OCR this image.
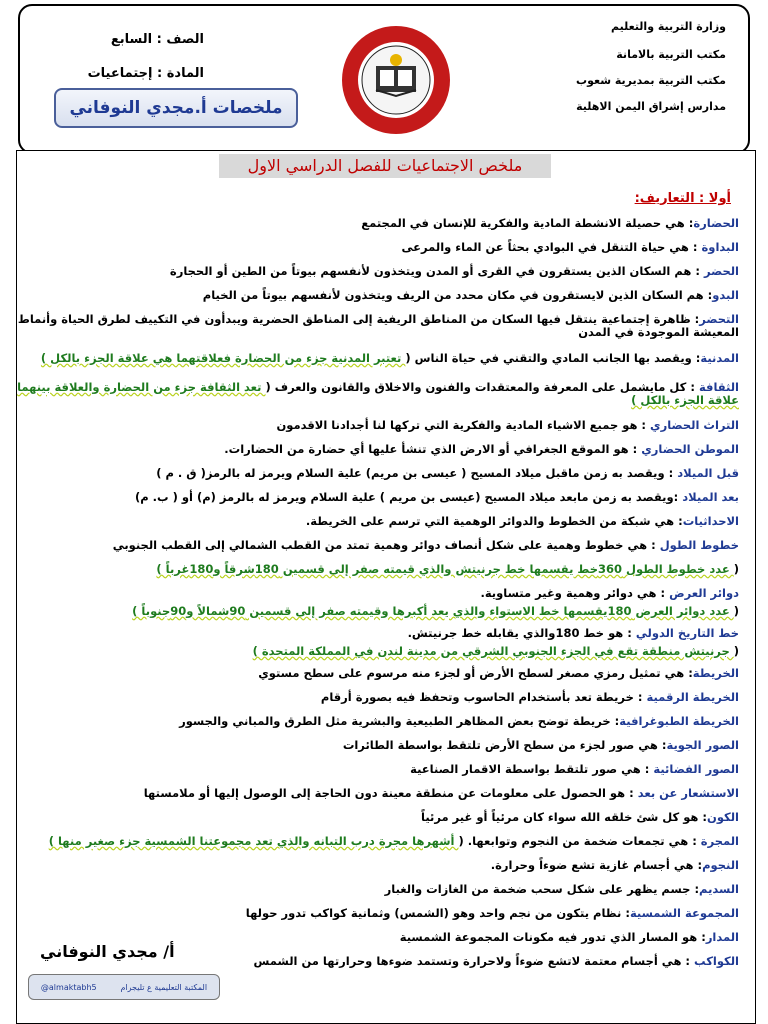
وزارة التربية والتعليم
مكتب التربية بالامانة
مكتب التربية بمديرية شعوب
مدارس إشراق اليمن الاهلية
الصف : السابع
المادة : إجتماعيات
ملخصات أ.مجدي النوفاني
ملخص الاجتماعيات للفصل الدراسي الاول
أولا : التعاريف:
الحضارة: هي حصيلة الانشطة المادية والفكرية للإنسان في المجتمع
البداوة : هي حياة التنقل في البوادي بحثاً عن الماء والمرعى
الحضر : هم السكان الذين يستقرون في القرى أو المدن ويتخذون لأنفسهم بيوتاً من الطين أو الحجارة
البدو: هم السكان الذين لايستقرون في مكان محدد من الريف ويتخذون لأنفسهم بيوتاً من الخيام
التحضر: ظاهرة إجتماعية ينتقل فيها السكان من المناطق الريفية إلى المناطق الحضرية ويبدأون في التكييف لطرق الحياة وأنماط المعيشة الموجودة في المدن
المدنية: ويقصد بها الجانب المادي والتقني في حياة الناس ( تعتبر المدنية جزء من الحضارة فعلاقتهما هي علاقة الجزء بالكل )
الثقافة : كل مايشمل على المعرفة والمعتقدات والفنون والاخلاق والقانون والعرف ( تعد الثقافة جزء من الحضارة والعلاقة بينهما علاقة الجزء بالكل )
التراث الحضاري : هو جميع الاشياء المادية والفكرية التي تركها لنا أجدادنا الاقدمون
الموطن الحضاري : هو الموقع الجغرافي أو الارض الذي تنشأ عليها أي حضارة من الحضارات.
قبل الميلاد : ويقصد به زمن ماقبل ميلاد المسيح ( عيسى بن مريم) علية السلام ويرمز له بالرمز( ق . م )
بعد الميلاد :ويقصد به زمن مابعد ميلاد المسيح (عيسى بن مريم ) علية السلام ويرمز له بالرمز (م) أو ( ب. م)
الاحداثيات: هي شبكة من الخطوط والدوائر الوهمية التي ترسم على الخريطة.
خطوط الطول : هي خطوط وهمية على شكل أنصاف دوائر وهمية تمتد من القطب الشمالي إلى القطب الجنوبي
( عدد خطوط الطول 360خط يقسمها خط جرنيتش والذي قيمته صفر إلى قسمين 180شرقاً و180غرباً )
دوائر العرض : هي دوائر وهمية وغير متساوية.
( عدد دوائر العرض 180يقسمها خط الاستواء والذي يعد أكبرها وقيمته صفر إلى قسمين 90شمالاً و90جنوباً )
خط التاريخ الدولي : هو خط 180والذي يقابله خط جرنيتش.
( جرنيتش منطقة تقع في الجزء الجنوبي الشرقي من مدينة لندن في المملكة المتحدة )
الخريطة: هي تمثيل رمزي مصغر لسطح الأرض أو لجزء منه مرسوم على سطح مستوي
الخريطة الرقمية : خريطة تعد بأستخدام الحاسوب وتحفظ فيه بصورة أرقام
الخريطة الطبوغرافية: خريطة توضح بعض المظاهر الطبيعية والبشرية مثل الطرق والمباني والجسور
الصور الجوية: هي صور لجزء من سطح الأرض تلتقط بواسطة الطائرات
الصور الفضائية : هي صور تلتقط بواسطة الاقمار الصناعية
الاستشعار عن بعد : هو الحصول على معلومات عن منطقة معينة دون الحاجة إلى الوصول إليها أو ملامستها
الكون: هو كل شئ خلقه الله سواء كان مرئياً أو غير مرئياً
المجرة : هي تجمعات ضخمة من النجوم وتوابعها. ( أشهرها مجرة درب التبانه والذي تعد مجموعتنا الشمسية جزء صغير منها )
النجوم: هي أجسام غازية تشع ضوءاً وحرارة.
السديم: جسم يظهر على شكل سحب ضخمة من الغازات والغبار
المجموعة الشمسية: نظام يتكون من نجم واحد وهو (الشمس) وثمانية كواكب تدور حولها
المدار: هو المسار الذي تدور فيه مكونات المجموعة الشمسية
الكواكب : هي أجسام معتمة لاتشع ضوءاً ولاحرارة وتستمد ضوءها وحرارتها من الشمس
أ/ مجدي النوفاني
@almaktabh5	المكتبة التعليمية ع تليجرام
